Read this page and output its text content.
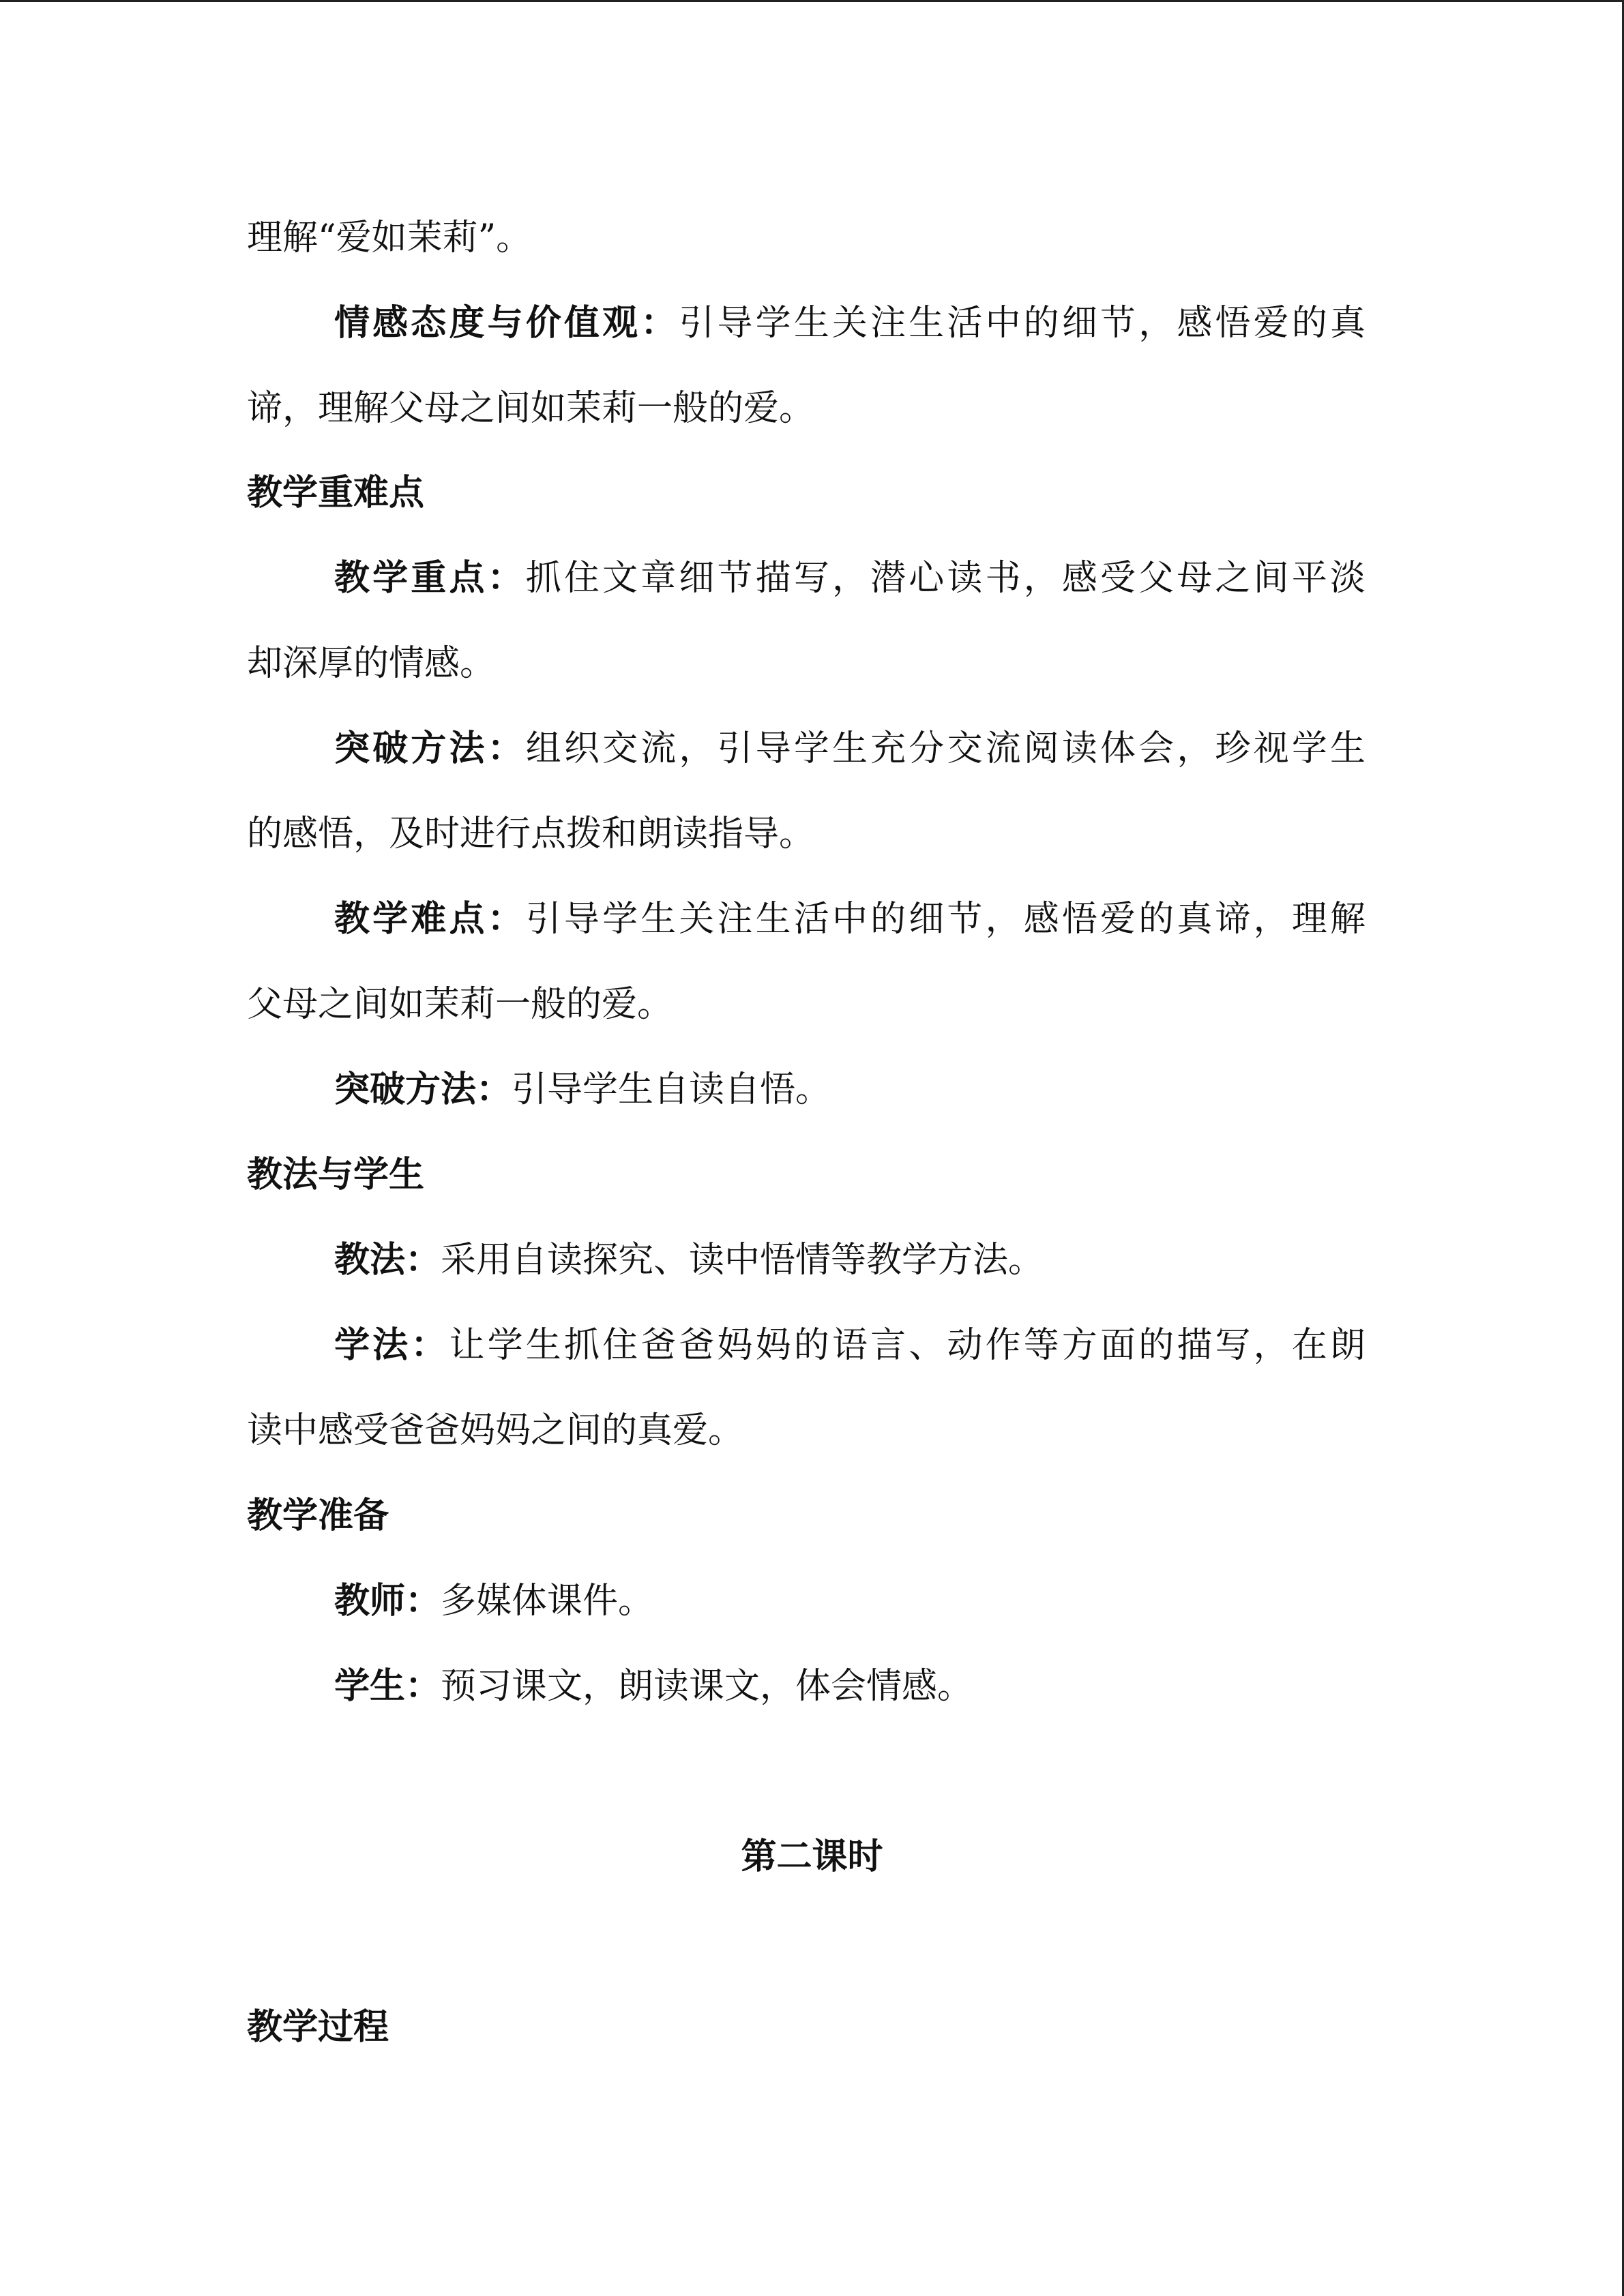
理解“爱如茉莉”。
情感态度与价值观：引导学生关注生活中的细节，感悟爱的真
谛，理解父母之间如茉莉一般的爱。
教学重难点
教学重点：抓住文章细节描写，潜心读书，感受父母之间平淡
却深厚的情感。
突破方法：组织交流，引导学生充分交流阅读体会，珍视学生
的感悟，及时进行点拨和朗读指导。
教学难点：引导学生关注生活中的细节，感悟爱的真谛，理解
父母之间如茉莉一般的爱。
突破方法：引导学生自读自悟。
教法与学生
教法：采用自读探究、读中悟情等教学方法。
学法：让学生抓住爸爸妈妈的语言、动作等方面的描写，在朗
读中感受爸爸妈妈之间的真爱。
教学准备
教师：多媒体课件。
学生：预习课文，朗读课文，体会情感。
第二课时
教学过程
